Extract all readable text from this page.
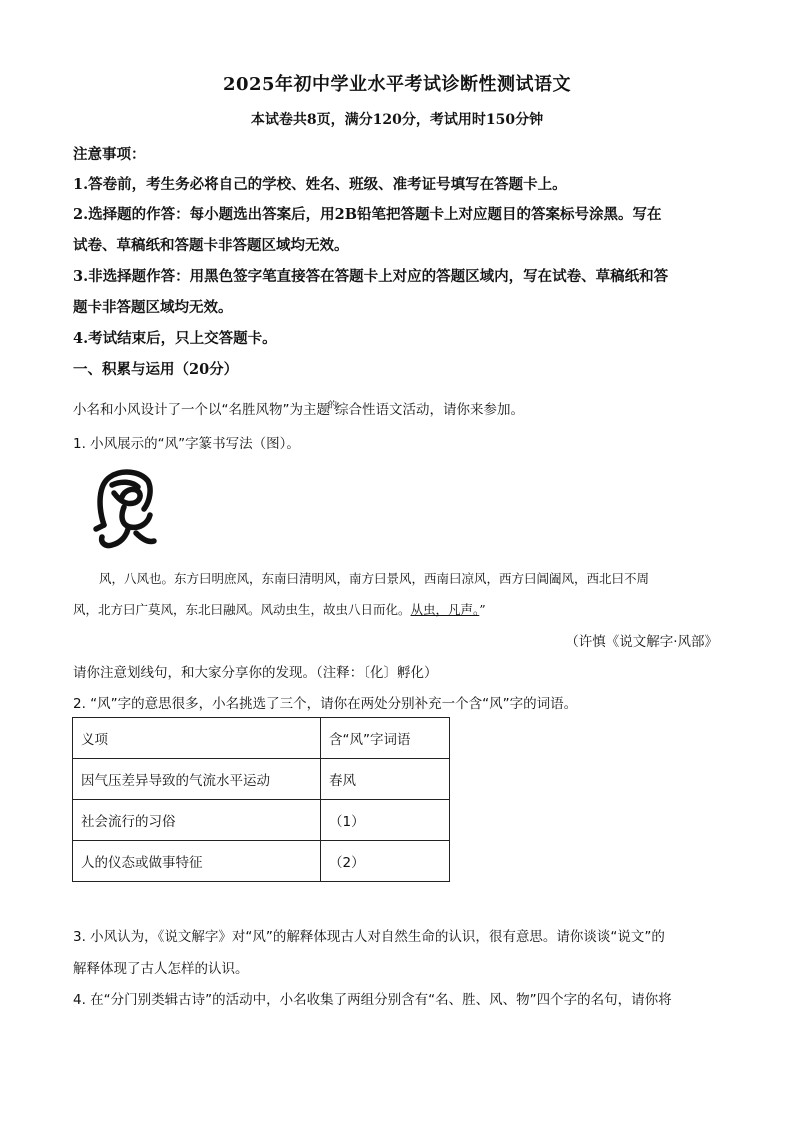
2025年初中学业水平考试诊断性测试语文
本试卷共8页，满分120分，考试用时150分钟
注意事项：
1.答卷前，考生务必将自己的学校、姓名、班级、准考证号填写在答题卡上。
2.选择题的作答：每小题选出答案后，用2B铅笔把答题卡上对应题目的答案标号涂黑。写在
试卷、草稿纸和答题卡非答题区域均无效。
3.非选择题作答：用黑色签字笔直接答在答题卡上对应的答题区域内，写在试卷、草稿纸和答
题卡非答题区域均无效。
4.考试结束后，只上交答题卡。
一、积累与运用（20分）
小名和小风设计了一个以“名胜风物”为主题$^的$综合性语文活动，请你来参加。
1. 小风展示的“风”字篆书写法（图）。
风，八风也。东方曰明庶风，东南曰清明风，南方曰景风，西南曰凉风，西方曰阊阖风，西北曰不周
风，北方曰广莫风，东北曰融风。风动虫生，故虫八日而化。从虫，凡声。”
（许慎《说文解字·风部》
请你注意划线句，和大家分享你的发现。（注释：〔化〕孵化）
2. “风”字的意思很多，小名挑选了三个，请你在两处分别补充一个含“风”字的词语。
义项	含“风”字词语
因气压差异导致的气流水平运动	春风
社会流行的习俗	（1）
人的仪态或做事特征	（2）
3. 小风认为，《说文解字》对“风”的解释体现古人对自然生命的认识，很有意思。请你谈谈“说文”的
解释体现了古人怎样的认识。
4. 在“分门别类辑古诗”的活动中，小名收集了两组分别含有“名、胜、风、物”四个字的名句，请你将
